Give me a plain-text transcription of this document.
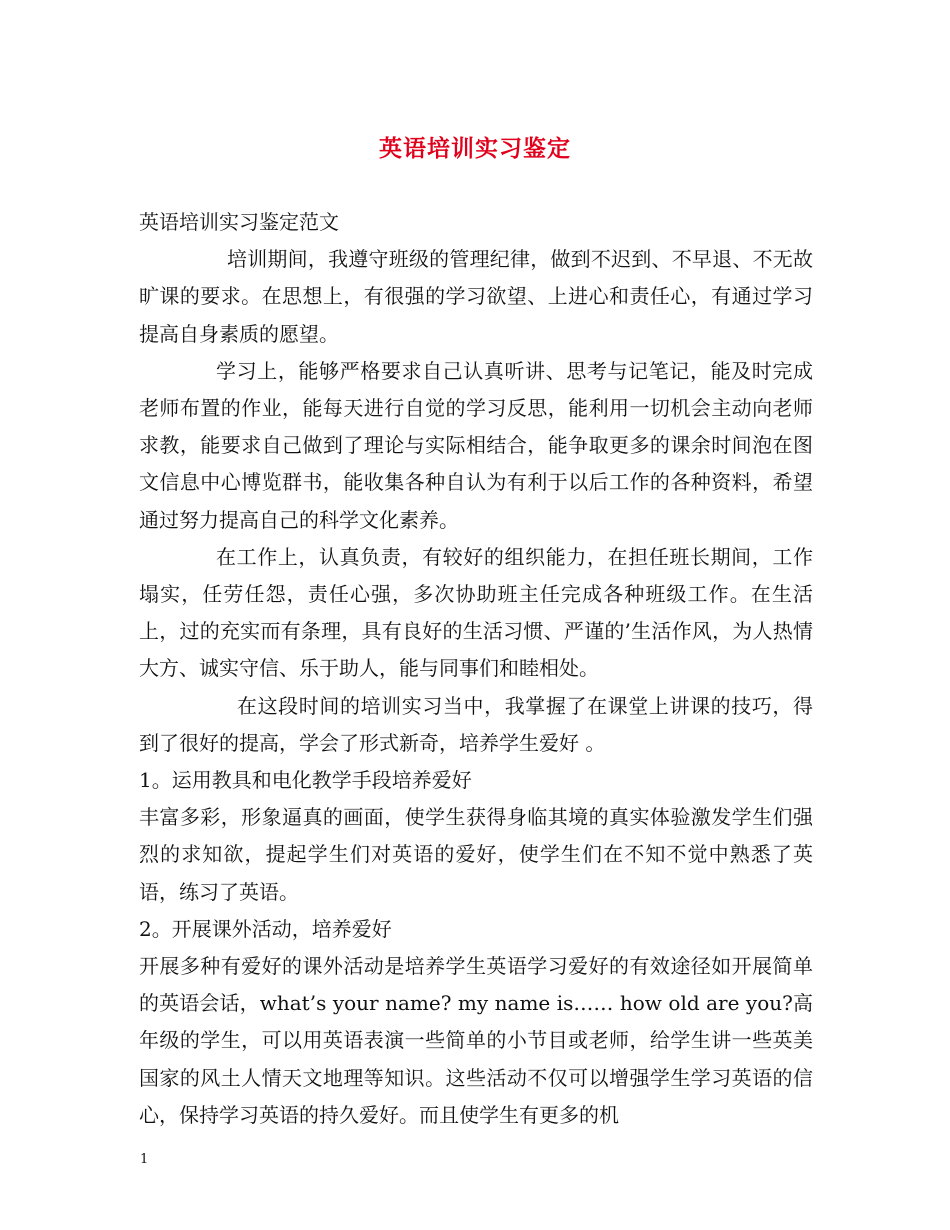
英语培训实习鉴定

英语培训实习鉴定范文

培训期间，我遵守班级的管理纪律，做到不迟到、不早退、不无故旷课的要求。在思想上，有很强的学习欲望、上进心和责任心，有通过学习提高自身素质的愿望。

学习上，能够严格要求自己认真听讲、思考与记笔记，能及时完成老师布置的作业，能每天进行自觉的学习反思，能利用一切机会主动向老师求教，能要求自己做到了理论与实际相结合，能争取更多的课余时间泡在图文信息中心博览群书，能收集各种自认为有利于以后工作的各种资料，希望通过努力提高自己的科学文化素养。

在工作上，认真负责，有较好的组织能力，在担任班长期间，工作塌实，任劳任怨，责任心强，多次协助班主任完成各种班级工作。在生活上，过的充实而有条理，具有良好的生活习惯、严谨的’生活作风，为人热情大方、诚实守信、乐于助人，能与同事们和睦相处。

在这段时间的培训实习当中，我掌握了在课堂上讲课的技巧，得到了很好的提高，学会了形式新奇，培养学生爱好 。

1。运用教具和电化教学手段培养爱好

丰富多彩，形象逼真的画面，使学生获得身临其境的真实体验激发学生们强烈的求知欲，提起学生们对英语的爱好，使学生们在不知不觉中熟悉了英语，练习了英语。

2。开展课外活动，培养爱好

开展多种有爱好的课外活动是培养学生英语学习爱好的有效途径如开展简单的英语会话，what’s your name? my name is…… how old are you?高年级的学生，可以用英语表演一些简单的小节目或老师，给学生讲一些英美国家的风土人情天文地理等知识。这些活动不仅可以增强学生学习英语的信心，保持学习英语的持久爱好。而且使学生有更多的机

1
